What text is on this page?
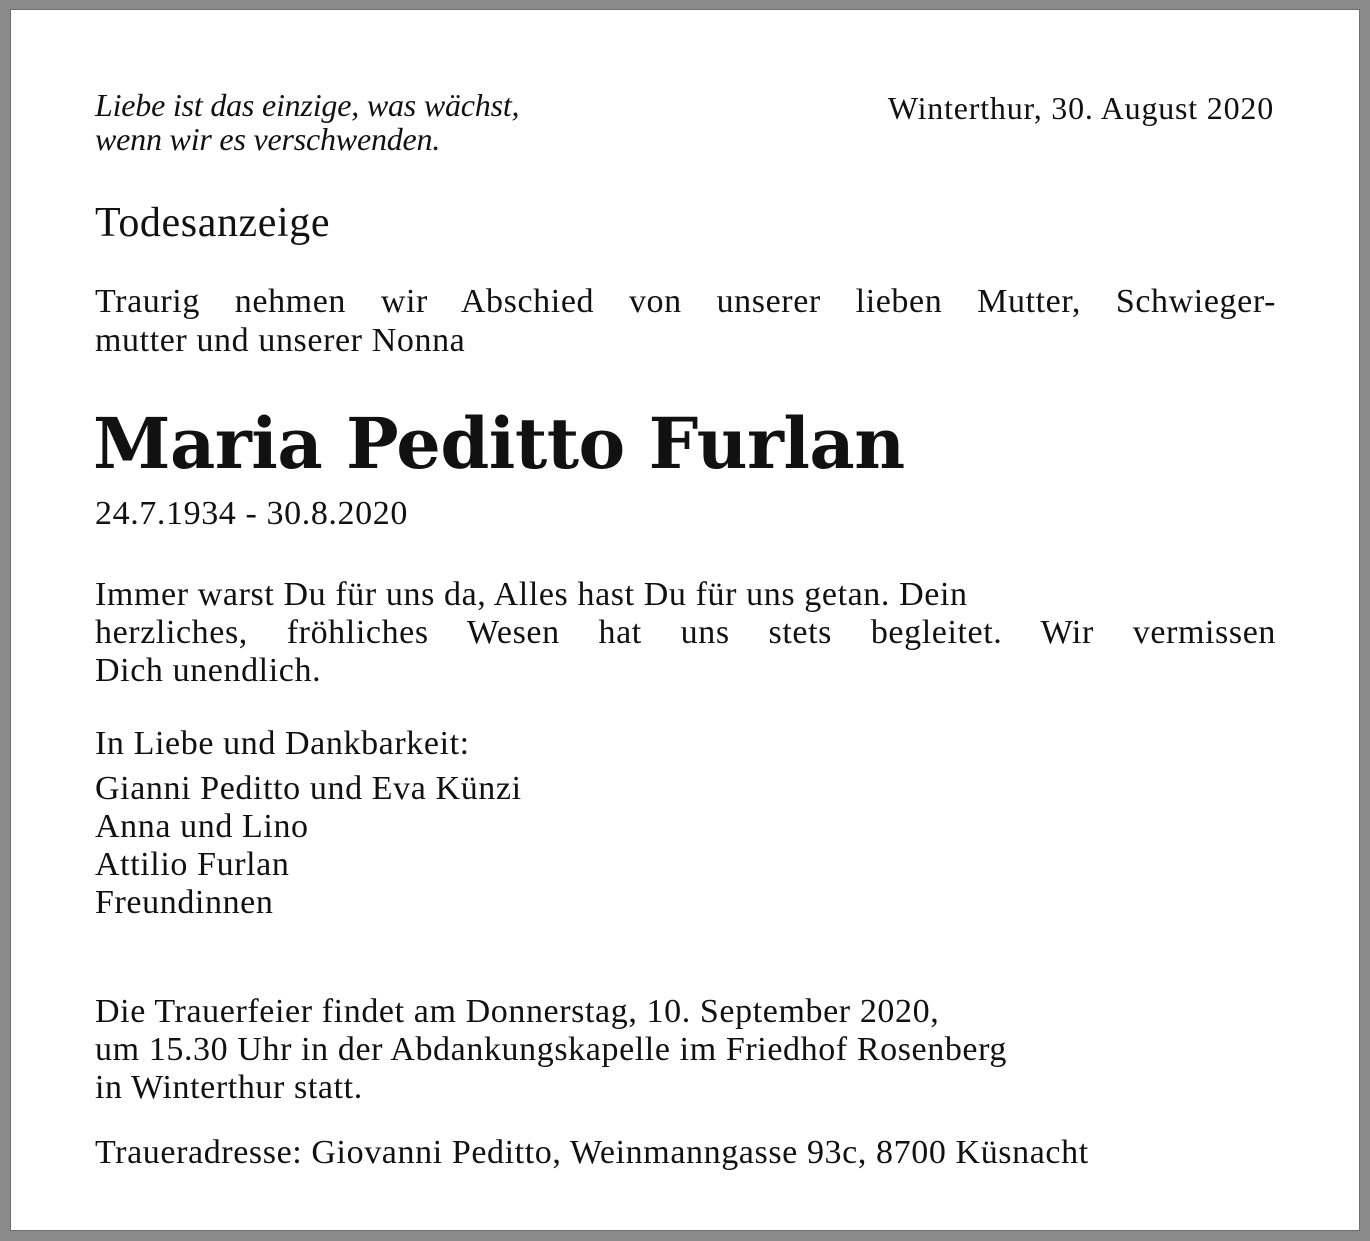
Liebe ist das einzige, was wächst,
wenn wir es verschwenden.
Winterthur, 30. August 2020
Todesanzeige
Traurig nehmen wir Abschied von unserer lieben Mutter, Schwieger-
mutter und unserer Nonna
Maria Peditto Furlan
24.7.1934 - 30.8.2020
Immer warst Du für uns da, Alles hast Du für uns getan. Dein
herzliches, fröhliches Wesen hat uns stets begleitet. Wir vermissen
Dich unendlich.
In Liebe und Dankbarkeit:
Gianni Peditto und Eva Künzi
Anna und Lino
Attilio Furlan
Freundinnen
Die Trauerfeier findet am Donnerstag, 10. September 2020,
um 15.30 Uhr in der Abdankungskapelle im Friedhof Rosenberg
in Winterthur statt.
Traueradresse: Giovanni Peditto, Weinmanngasse 93c, 8700 Küsnacht
